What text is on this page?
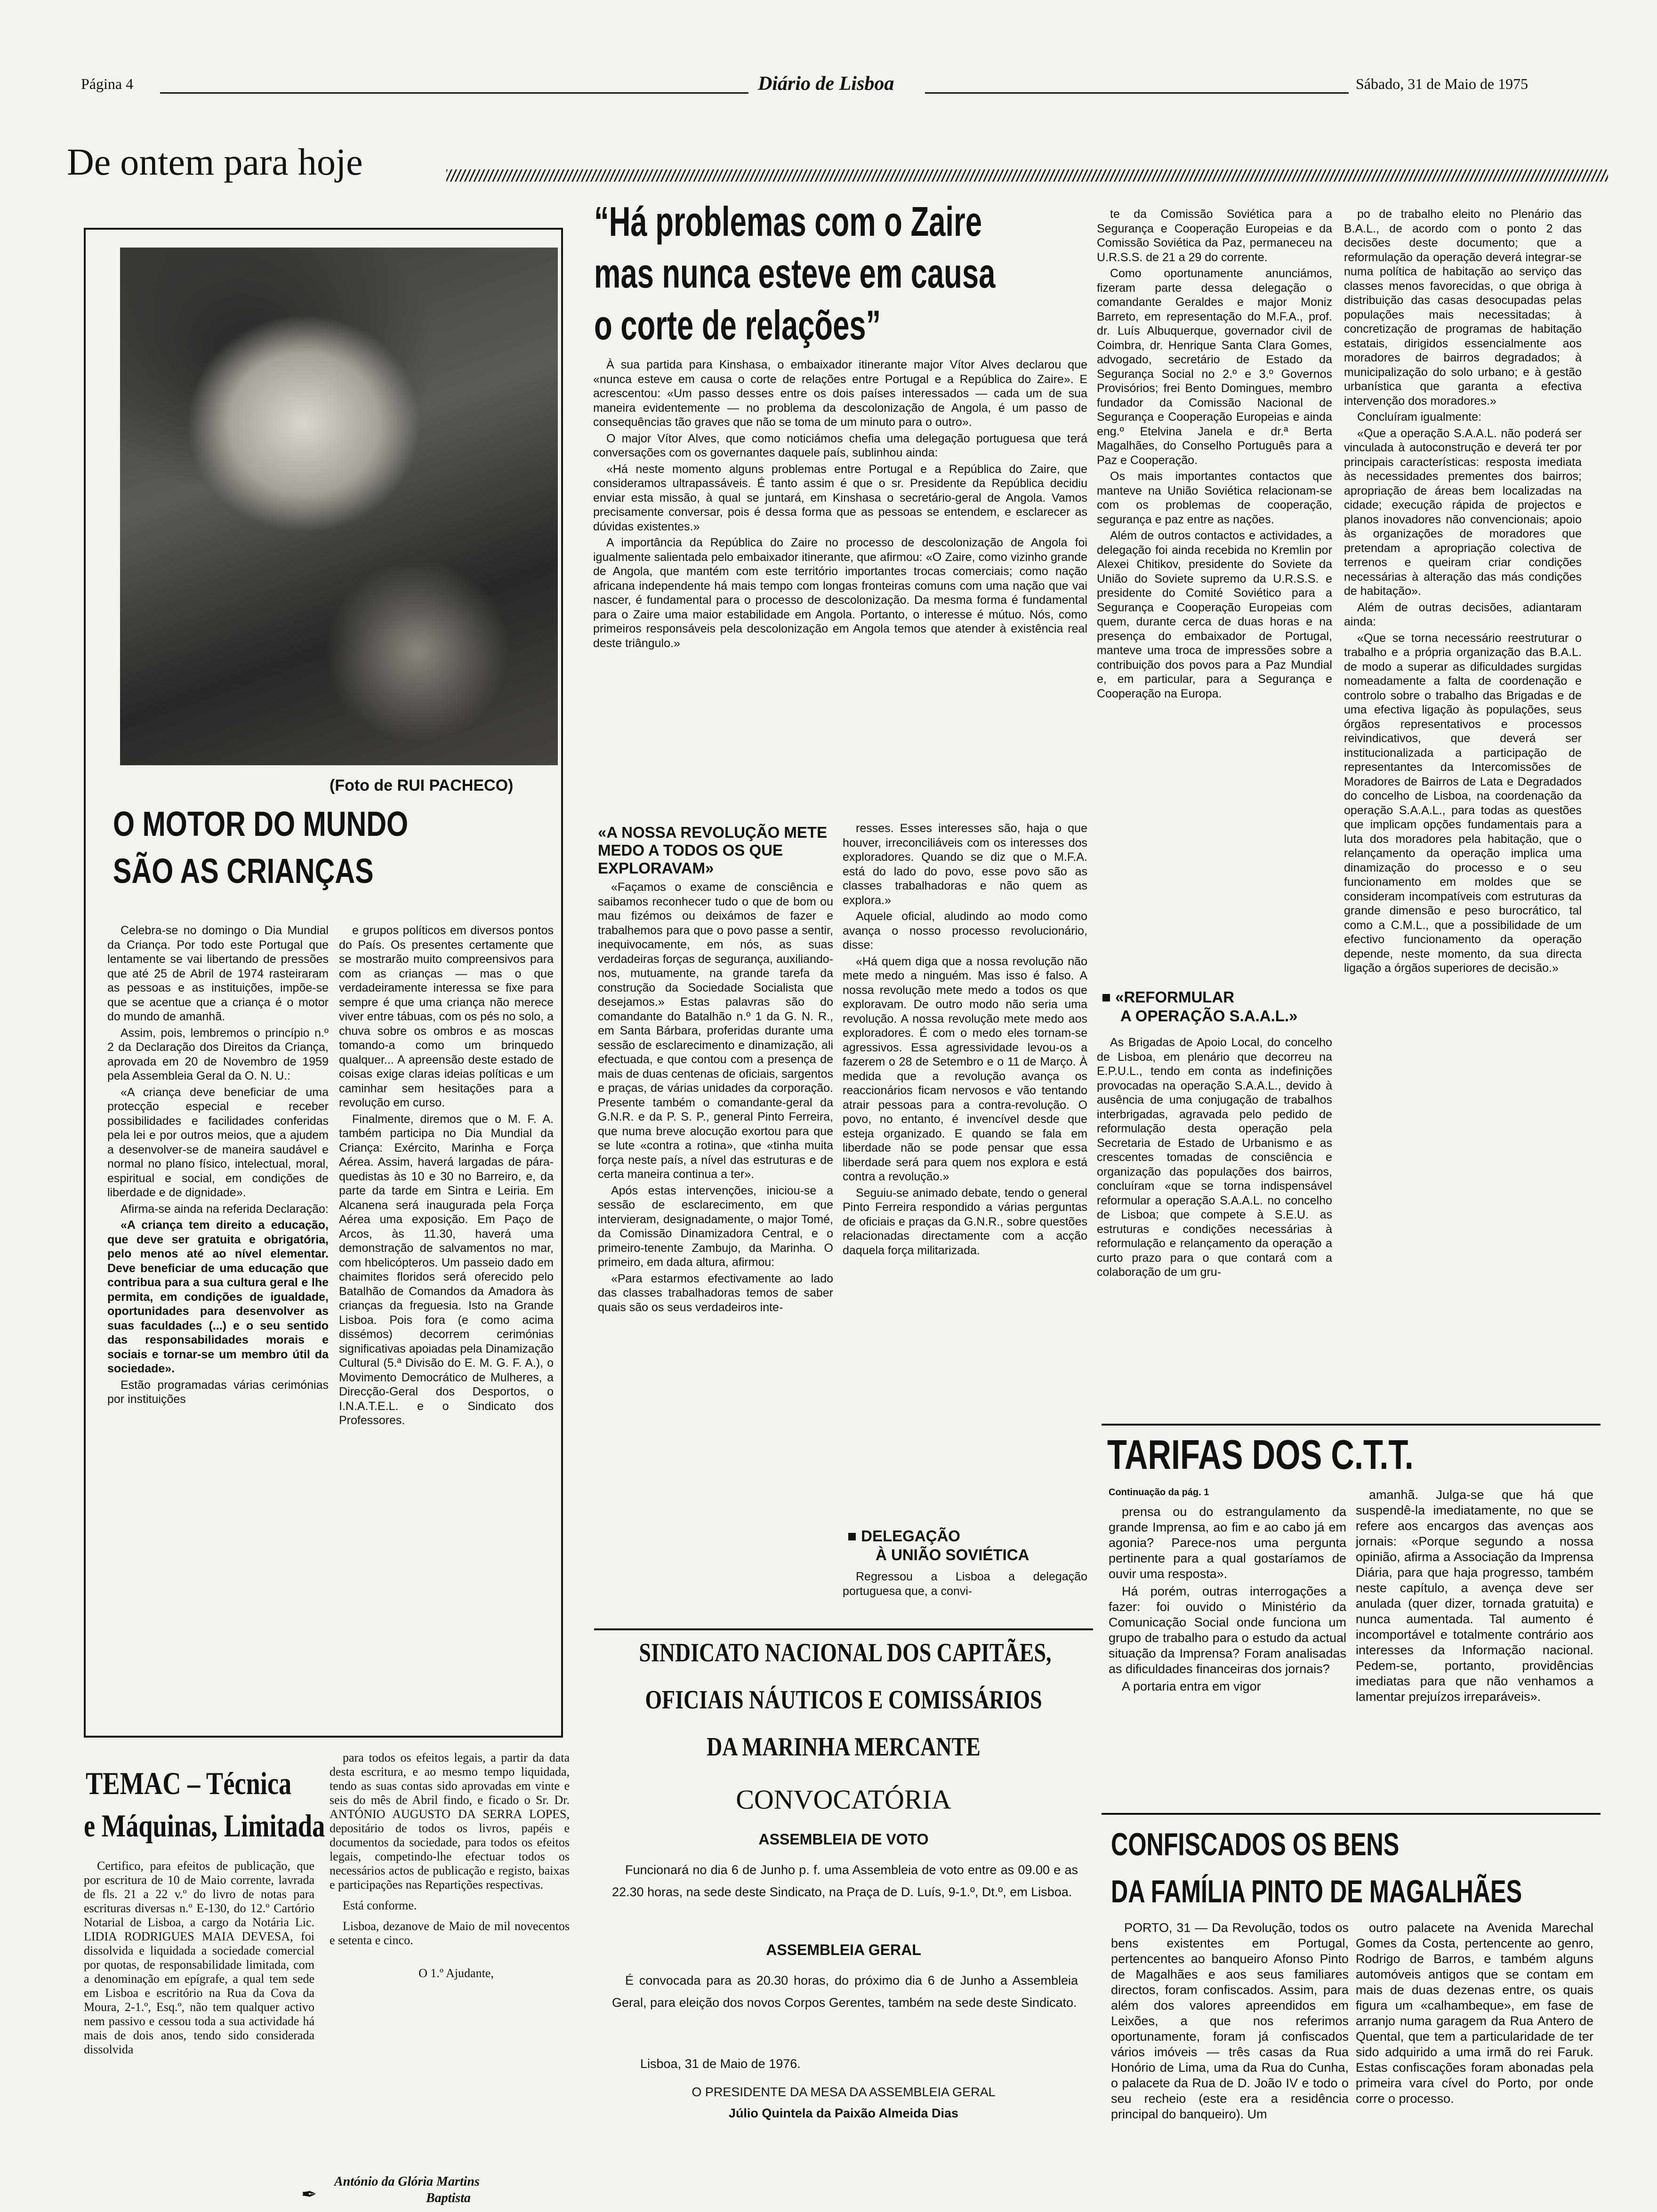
Página 4	Diário de Lisboa	Sábado, 31 de Maio de 1975
De ontem para hoje
(Foto de RUI PACHECO)
O MOTOR DO MUNDO
SÃO AS CRIANÇAS

Celebra-se no domingo o Dia Mundial da Criança. Por todo este Portugal que lentamente se vai libertando de pressões que até 25 de Abril de 1974 rasteiraram as pessoas e as instituições, impõe-se que se acentue que a criança é o motor do mundo de amanhã.

Assim, pois, lembremos o princípio n.º 2 da Declaração dos Direitos da Criança, aprovada em 20 de Novembro de 1959 pela Assembleia Geral da O. N. U.:

«A criança deve beneficiar de uma protecção especial e receber possibilidades e facilidades conferidas pela lei e por outros meios, que a ajudem a desenvolver-se de maneira saudável e normal no plano físico, intelectual, moral, espiritual e social, em condições de liberdade e de dignidade».

Afirma-se ainda na referida Declaração:

«A criança tem direito a educação, que deve ser gratuita e obrigatória, pelo menos até ao nível elementar. Deve beneficiar de uma educação que contribua para a sua cultura geral e lhe permita, em condições de igualdade, oportunidades para desenvolver as suas faculdades (...) e o seu sentido das responsabilidades morais e sociais e tornar-se um membro útil da sociedade».

Estão programadas várias cerimónias por instituições

e grupos políticos em diversos pontos do País. Os presentes certamente que se mostrarão muito compreensivos para com as crianças — mas o que verdadeiramente interessa se fixe para sempre é que uma criança não merece viver entre tábuas, com os pés no solo, a chuva sobre os ombros e as moscas tomando-a como um brinquedo qualquer... A apreensão deste estado de coisas exige claras ideias políticas e um caminhar sem hesitações para a revolução em curso.

Finalmente, diremos que o M. F. A. também participa no Dia Mundial da Criança: Exército, Marinha e Força Aérea. Assim, haverá largadas de pára-quedistas às 10 e 30 no Barreiro, e, da parte da tarde em Sintra e Leiria. Em Alcanena será inaugurada pela Força Aérea uma exposição. Em Paço de Arcos, às 11.30, haverá uma demonstração de salvamentos no mar, com hbelicópteros. Um passeio dado em chaimites floridos será oferecido pelo Batalhão de Comandos da Amadora às crianças da freguesia. Isto na Grande Lisboa. Pois fora (e como acima dissémos) decorrem cerimónias significativas apoiadas pela Dinamização Cultural (5.ª Divisão do E. M. G. F. A.), o Movimento Democrático de Mulheres, a Direcção-Geral dos Desportos, o I.N.A.T.E.L. e o Sindicato dos Professores.

“Há problemas com o Zaire
mas nunca esteve em causa
o corte de relações”

À sua partida para Kinshasa, o embaixador itinerante major Vítor Alves declarou que «nunca esteve em causa o corte de relações entre Portugal e a República do Zaire». E acrescentou: «Um passo desses entre os dois países interessados — cada um de sua maneira evidentemente — no problema da descolonização de Angola, é um passo de consequências tão graves que não se toma de um minuto para o outro».

O major Vítor Alves, que como noticiámos chefia uma delegação portuguesa que terá conversações com os governantes daquele país, sublinhou ainda:

«Há neste momento alguns problemas entre Portugal e a República do Zaire, que consideramos ultrapassáveis. É tanto assim é que o sr. Presidente da República decidiu enviar esta missão, à qual se juntará, em Kinshasa o secretário-geral de Angola. Vamos precisamente conversar, pois é dessa forma que as pessoas se entendem, e esclarecer as dúvidas existentes.»

A importância da República do Zaire no processo de descolonização de Angola foi igualmente salientada pelo embaixador itinerante, que afirmou: «O Zaire, como vizinho grande de Angola, que mantém com este território importantes trocas comerciais; como nação africana independente há mais tempo com longas fronteiras comuns com uma nação que vai nascer, é fundamental para o processo de descolonização. Da mesma forma é fundamental para o Zaire uma maior estabilidade em Angola. Portanto, o interesse é mútuo. Nós, como primeiros responsáveis pela descolonização em Angola temos que atender à existência real deste triângulo.»

«A NOSSA REVOLUÇÃO METE MEDO A TODOS OS QUE EXPLORAVAM»

«Façamos o exame de consciência e saibamos reconhecer tudo o que de bom ou mau fizémos ou deixámos de fazer e trabalhemos para que o povo passe a sentir, inequivocamente, em nós, as suas verdadeiras forças de segurança, auxiliando-nos, mutuamente, na grande tarefa da construção da Sociedade Socialista que desejamos.» Estas palavras são do comandante do Batalhão n.º 1 da G. N. R., em Santa Bárbara, proferidas durante uma sessão de esclarecimento e dinamização, ali efectuada, e que contou com a presença de mais de duas centenas de oficiais, sargentos e praças, de várias unidades da corporação. Presente também o comandante-geral da G.N.R. e da P. S. P., general Pinto Ferreira, que numa breve alocução exortou para que se lute «contra a rotina», que «tinha muita força neste país, a nível das estruturas e de certa maneira continua a ter».

Após estas intervenções, iniciou-se a sessão de esclarecimento, em que intervieram, designadamente, o major Tomé, da Comissão Dinamizadora Central, e o primeiro-tenente Zambujo, da Marinha. O primeiro, em dada altura, afirmou:

«Para estarmos efectivamente ao lado das classes trabalhadoras temos de saber quais são os seus verdadeiros inte-

resses. Esses interesses são, haja o que houver, irreconciliáveis com os interesses dos exploradores. Quando se diz que o M.F.A. está do lado do povo, esse povo são as classes trabalhadoras e não quem as explora.»

Aquele oficial, aludindo ao modo como avança o nosso processo revolucionário, disse:

«Há quem diga que a nossa revolução não mete medo a ninguém. Mas isso é falso. A nossa revolução mete medo a todos os que exploravam. De outro modo não seria uma revolução. A nossa revolução mete medo aos exploradores. É com o medo eles tornam-se agressivos. Essa agressividade levou-os a fazerem o 28 de Setembro e o 11 de Março. À medida que a revolução avança os reaccionários ficam nervosos e vão tentando atrair pessoas para a contra-revolução. O povo, no entanto, é invencível desde que esteja organizado. E quando se fala em liberdade não se pode pensar que essa liberdade será para quem nos explora e está contra a revolução.»

Seguiu-se animado debate, tendo o general Pinto Ferreira respondido a várias perguntas de oficiais e praças da G.N.R., sobre questões relacionadas directamente com a acção daquela força militarizada.

■ DELEGAÇÃO
À UNIÃO SOVIÉTICA

Regressou a Lisboa a delegação portuguesa que, a convi-

te da Comissão Soviética para a Segurança e Cooperação Europeias e da Comissão Soviética da Paz, permaneceu na U.R.S.S. de 21 a 29 do corrente.

Como oportunamente anunciámos, fizeram parte dessa delegação o comandante Geraldes e major Moniz Barreto, em representação do M.F.A., prof. dr. Luís Albuquerque, governador civil de Coimbra, dr. Henrique Santa Clara Gomes, advogado, secretário de Estado da Segurança Social no 2.º e 3.º Governos Provisórios; frei Bento Domingues, membro fundador da Comissão Nacional de Segurança e Cooperação Europeias e ainda eng.º Etelvina Janela e dr.ª Berta Magalhães, do Conselho Português para a Paz e Cooperação.

Os mais importantes contactos que manteve na União Soviética relacionam-se com os problemas de cooperação, segurança e paz entre as nações.

Além de outros contactos e actividades, a delegação foi ainda recebida no Kremlin por Alexei Chitikov, presidente do Soviete da União do Soviete supremo da U.R.S.S. e presidente do Comité Soviético para a Segurança e Cooperação Europeias com quem, durante cerca de duas horas e na presença do embaixador de Portugal, manteve uma troca de impressões sobre a contribuição dos povos para a Paz Mundial e, em particular, para a Segurança e Cooperação na Europa.

■ «REFORMULAR
A OPERAÇÃO S.A.A.L.»

As Brigadas de Apoio Local, do concelho de Lisboa, em plenário que decorreu na E.P.U.L., tendo em conta as indefinições provocadas na operação S.A.A.L., devido à ausência de uma conjugação de trabalhos interbrigadas, agravada pelo pedido de reformulação desta operação pela Secretaria de Estado de Urbanismo e as crescentes tomadas de consciência e organização das populações dos bairros, concluíram «que se torna indispensável reformular a operação S.A.A.L. no concelho de Lisboa; que compete à S.E.U. as estruturas e condições necessárias à reformulação e relançamento da operação a curto prazo para o que contará com a colaboração de um gru-

po de trabalho eleito no Plenário das B.A.L., de acordo com o ponto 2 das decisões deste documento; que a reformulação da operação deverá integrar-se numa política de habitação ao serviço das classes menos favorecidas, o que obriga à distribuição das casas desocupadas pelas populações mais necessitadas; à concretização de programas de habitação estatais, dirigidos essencialmente aos moradores de bairros degradados; à municipalização do solo urbano; e à gestão urbanística que garanta a efectiva intervenção dos moradores.»

Concluíram igualmente:

«Que a operação S.A.A.L. não poderá ser vinculada à autoconstrução e deverá ter por principais características: resposta imediata às necessidades prementes dos bairros; apropriação de áreas bem localizadas na cidade; execução rápida de projectos e planos inovadores não convencionais; apoio às organizações de moradores que pretendam a apropriação colectiva de terrenos e queiram criar condições necessárias à alteração das más condições de habitação».

Além de outras decisões, adiantaram ainda:

«Que se torna necessário reestruturar o trabalho e a própria organização das B.A.L. de modo a superar as dificuldades surgidas nomeadamente a falta de coordenação e controlo sobre o trabalho das Brigadas e de uma efectiva ligação às populações, seus órgãos representativos e processos reivindicativos, que deverá ser institucionalizada a participação de representantes da Intercomissões de Moradores de Bairros de Lata e Degradados do concelho de Lisboa, na coordenação da operação S.A.A.L., para todas as questões que implicam opções fundamentais para a luta dos moradores pela habitação, que o relançamento da operação implica uma dinamização do processo e o seu funcionamento em moldes que se consideram incompatíveis com estruturas da grande dimensão e peso burocrático, tal como a C.M.L., que a possibilidade de um efectivo funcionamento da operação depende, neste momento, da sua directa ligação a órgãos superiores de decisão.»

TARIFAS DOS C.T.T.
Continuação da pág. 1

prensa ou do estrangulamento da grande Imprensa, ao fim e ao cabo já em agonia? Parece-nos uma pergunta pertinente para a qual gostaríamos de ouvir uma resposta».

Há porém, outras interrogações a fazer: foi ouvido o Ministério da Comunicação Social onde funciona um grupo de trabalho para o estudo da actual situação da Imprensa? Foram analisadas as dificuldades financeiras dos jornais?

A portaria entra em vigor

amanhã. Julga-se que há que suspendê-la imediatamente, no que se refere aos encargos das avenças aos jornais: «Porque segundo a nossa opinião, afirma a Associação da Imprensa Diária, para que haja progresso, também neste capítulo, a avença deve ser anulada (quer dizer, tornada gratuita) e nunca aumentada. Tal aumento é incomportável e totalmente contrário aos interesses da Informação nacional. Pedem-se, portanto, providências imediatas para que não venhamos a lamentar prejuízos irreparáveis».

CONFISCADOS OS BENS
DA FAMÍLIA PINTO DE MAGALHÃES

PORTO, 31 — Da Revolução, todos os bens existentes em Portugal, pertencentes ao banqueiro Afonso Pinto de Magalhães e aos seus familiares directos, foram confiscados. Assim, para além dos valores apreendidos em Leixões, a que nos referimos oportunamente, foram já confiscados vários imóveis — três casas da Rua Honório de Lima, uma da Rua do Cunha, o palacete da Rua de D. João IV e todo o seu recheio (este era a residência principal do banqueiro). Um

outro palacete na Avenida Marechal Gomes da Costa, pertencente ao genro, Rodrigo de Barros, e também alguns automóveis antigos que se contam em mais de duas dezenas entre, os quais figura um «calhambeque», em fase de arranjo numa garagem da Rua Antero de Quental, que tem a particularidade de ter sido adquirido a uma irmã do rei Faruk. Estas confiscações foram abonadas pela primeira vara cível do Porto, por onde corre o processo.

TEMAC – Técnica
e Máquinas, Limitada

Certifico, para efeitos de publicação, que por escritura de 10 de Maio corrente, lavrada de fls. 21 a 22 v.º do livro de notas para escrituras diversas n.º E-130, do 12.º Cartório Notarial de Lisboa, a cargo da Notária Lic. LIDIA RODRIGUES MAIA DEVESA, foi dissolvida e liquidada a sociedade comercial por quotas, de responsabilidade limitada, com a denominação em epígrafe, a qual tem sede em Lisboa e escritório na Rua da Cova da Moura, 2-1.º, Esq.º, não tem qualquer activo nem passivo e cessou toda a sua actividade há mais de dois anos, tendo sido considerada dissolvida

para todos os efeitos legais, a partir da data desta escritura, e ao mesmo tempo liquidada, tendo as suas contas sido aprovadas em vinte e seis do mês de Abril findo, e ficado o Sr. Dr. ANTÓNIO AUGUSTO DA SERRA LOPES, depositário de todos os livros, papéis e documentos da sociedade, para todos os efeitos legais, competindo-lhe efectuar todos os necessários actos de publicação e registo, baixas e participações nas Repartições respectivas.

Está conforme.

Lisboa, dezanove de Maio de mil novecentos e setenta e cinco.

O 1.º Ajudante,

✒
António da Glória Martins
Baptista
SINDICATO NACIONAL DOS CAPITÃES,
OFICIAIS NÁUTICOS E COMISSÁRIOS
DA MARINHA MERCANTE
CONVOCATÓRIA
ASSEMBLEIA DE VOTO

Funcionará no dia 6 de Junho p. f. uma Assembleia de voto entre as 09.00 e as 22.30 horas, na sede deste Sindicato, na Praça de D. Luís, 9-1.º, Dt.º, em Lisboa.

ASSEMBLEIA GERAL

É convocada para as 20.30 horas, do próximo dia 6 de Junho a Assembleia Geral, para eleição dos novos Corpos Gerentes, também na sede deste Sindicato.

Lisboa, 31 de Maio de 1976.
O PRESIDENTE DA MESA DA ASSEMBLEIA GERAL
Júlio Quintela da Paixão Almeida Dias
